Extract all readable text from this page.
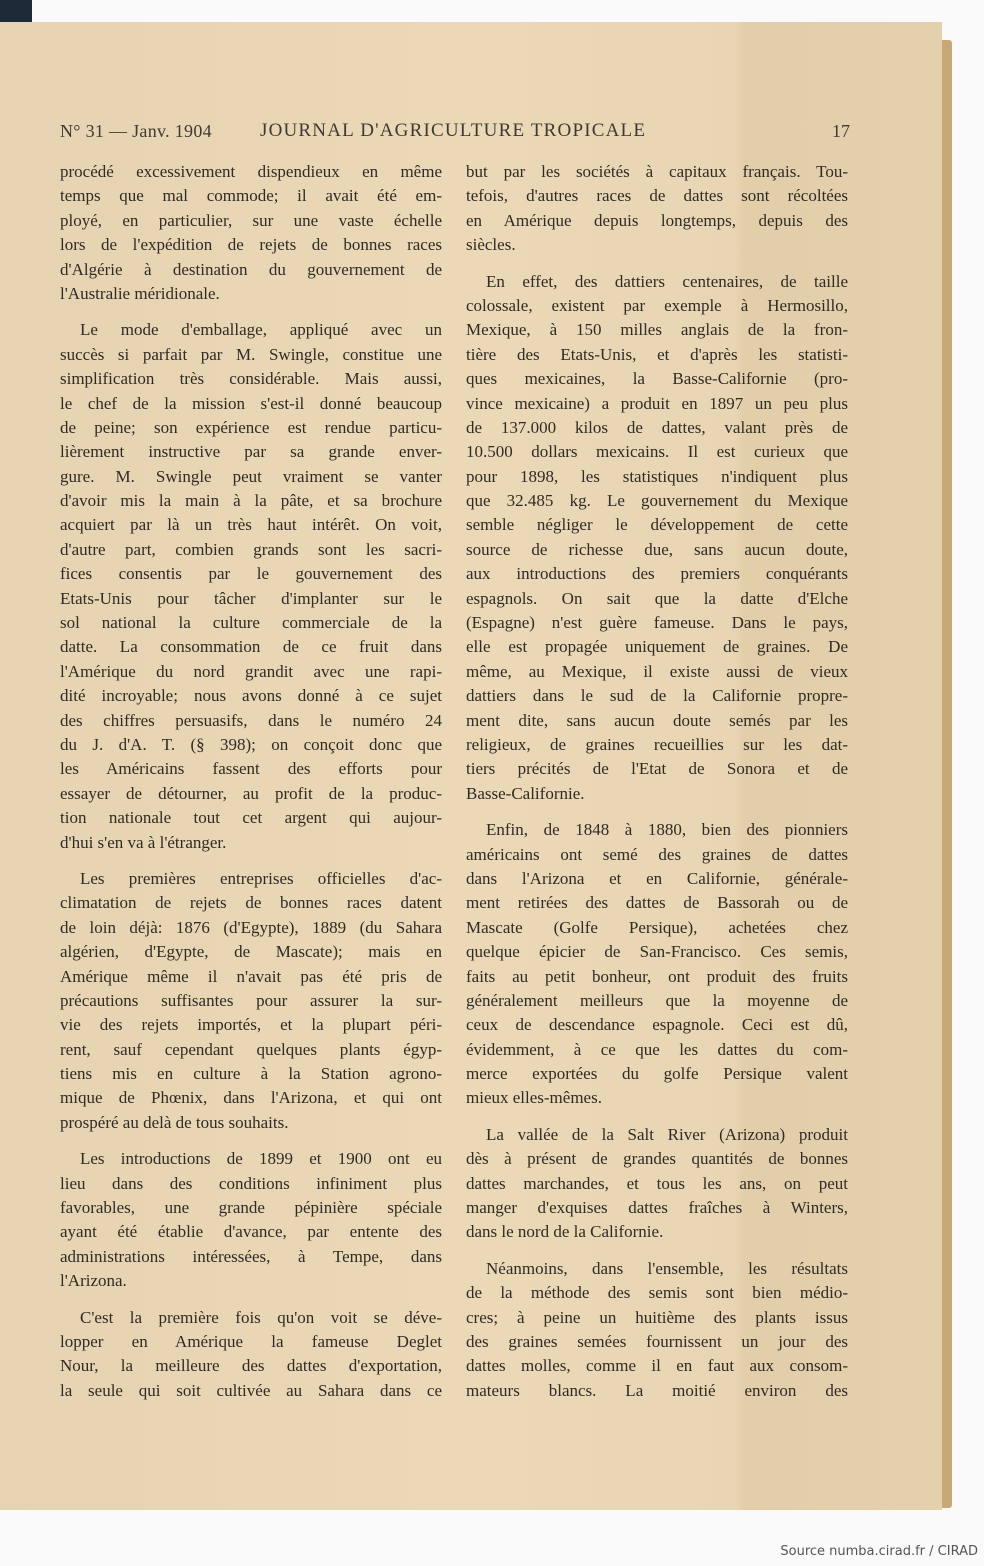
N° 31 — Janv. 1904	JOURNAL D'AGRICULTURE TROPICALE	17
procédé excessivement dispendieux en même
temps que mal commode; il avait été em-
ployé, en particulier, sur une vaste échelle
lors de l'expédition de rejets de bonnes races
d'Algérie à destination du gouvernement de
l'Australie méridionale.
Le mode d'emballage, appliqué avec un
succès si parfait par M. Swingle, constitue une
simplification très considérable. Mais aussi,
le chef de la mission s'est-il donné beaucoup
de peine; son expérience est rendue particu-
lièrement instructive par sa grande enver-
gure. M. Swingle peut vraiment se vanter
d'avoir mis la main à la pâte, et sa brochure
acquiert par là un très haut intérêt. On voit,
d'autre part, combien grands sont les sacri-
fices consentis par le gouvernement des
Etats-Unis pour tâcher d'implanter sur le
sol national la culture commerciale de la
datte. La consommation de ce fruit dans
l'Amérique du nord grandit avec une rapi-
dité incroyable; nous avons donné à ce sujet
des chiffres persuasifs, dans le numéro 24
du J. d'A. T. (§ 398); on conçoit donc que
les Américains fassent des efforts pour
essayer de détourner, au profit de la produc-
tion nationale tout cet argent qui aujour-
d'hui s'en va à l'étranger.
Les premières entreprises officielles d'ac-
climatation de rejets de bonnes races datent
de loin déjà: 1876 (d'Egypte), 1889 (du Sahara
algérien, d'Egypte, de Mascate); mais en
Amérique même il n'avait pas été pris de
précautions suffisantes pour assurer la sur-
vie des rejets importés, et la plupart péri-
rent, sauf cependant quelques plants égyp-
tiens mis en culture à la Station agrono-
mique de Phœnix, dans l'Arizona, et qui ont
prospéré au delà de tous souhaits.
Les introductions de 1899 et 1900 ont eu
lieu dans des conditions infiniment plus
favorables, une grande pépinière spéciale
ayant été établie d'avance, par entente des
administrations intéressées, à Tempe, dans
l'Arizona.
C'est la première fois qu'on voit se déve-
lopper en Amérique la fameuse Deglet
Nour, la meilleure des dattes d'exportation,
la seule qui soit cultivée au Sahara dans ce
but par les sociétés à capitaux français. Tou-
tefois, d'autres races de dattes sont récoltées
en Amérique depuis longtemps, depuis des
siècles.
En effet, des dattiers centenaires, de taille
colossale, existent par exemple à Hermosillo,
Mexique, à 150 milles anglais de la fron-
tière des Etats-Unis, et d'après les statisti-
ques mexicaines, la Basse-Californie (pro-
vince mexicaine) a produit en 1897 un peu plus
de 137.000 kilos de dattes, valant près de
10.500 dollars mexicains. Il est curieux que
pour 1898, les statistiques n'indiquent plus
que 32.485 kg. Le gouvernement du Mexique
semble négliger le développement de cette
source de richesse due, sans aucun doute,
aux introductions des premiers conquérants
espagnols. On sait que la datte d'Elche
(Espagne) n'est guère fameuse. Dans le pays,
elle est propagée uniquement de graines. De
même, au Mexique, il existe aussi de vieux
dattiers dans le sud de la Californie propre-
ment dite, sans aucun doute semés par les
religieux, de graines recueillies sur les dat-
tiers précités de l'Etat de Sonora et de
Basse-Californie.
Enfin, de 1848 à 1880, bien des pionniers
américains ont semé des graines de dattes
dans l'Arizona et en Californie, générale-
ment retirées des dattes de Bassorah ou de
Mascate (Golfe Persique), achetées chez
quelque épicier de San-Francisco. Ces semis,
faits au petit bonheur, ont produit des fruits
généralement meilleurs que la moyenne de
ceux de descendance espagnole. Ceci est dû,
évidemment, à ce que les dattes du com-
merce exportées du golfe Persique valent
mieux elles-mêmes.
La vallée de la Salt River (Arizona) produit
dès à présent de grandes quantités de bonnes
dattes marchandes, et tous les ans, on peut
manger d'exquises dattes fraîches à Winters,
dans le nord de la Californie.
Néanmoins, dans l'ensemble, les résultats
de la méthode des semis sont bien médio-
cres; à peine un huitième des plants issus
des graines semées fournissent un jour des
dattes molles, comme il en faut aux consom-
mateurs blancs. La moitié environ des
Source numba.cirad.fr / CIRAD
